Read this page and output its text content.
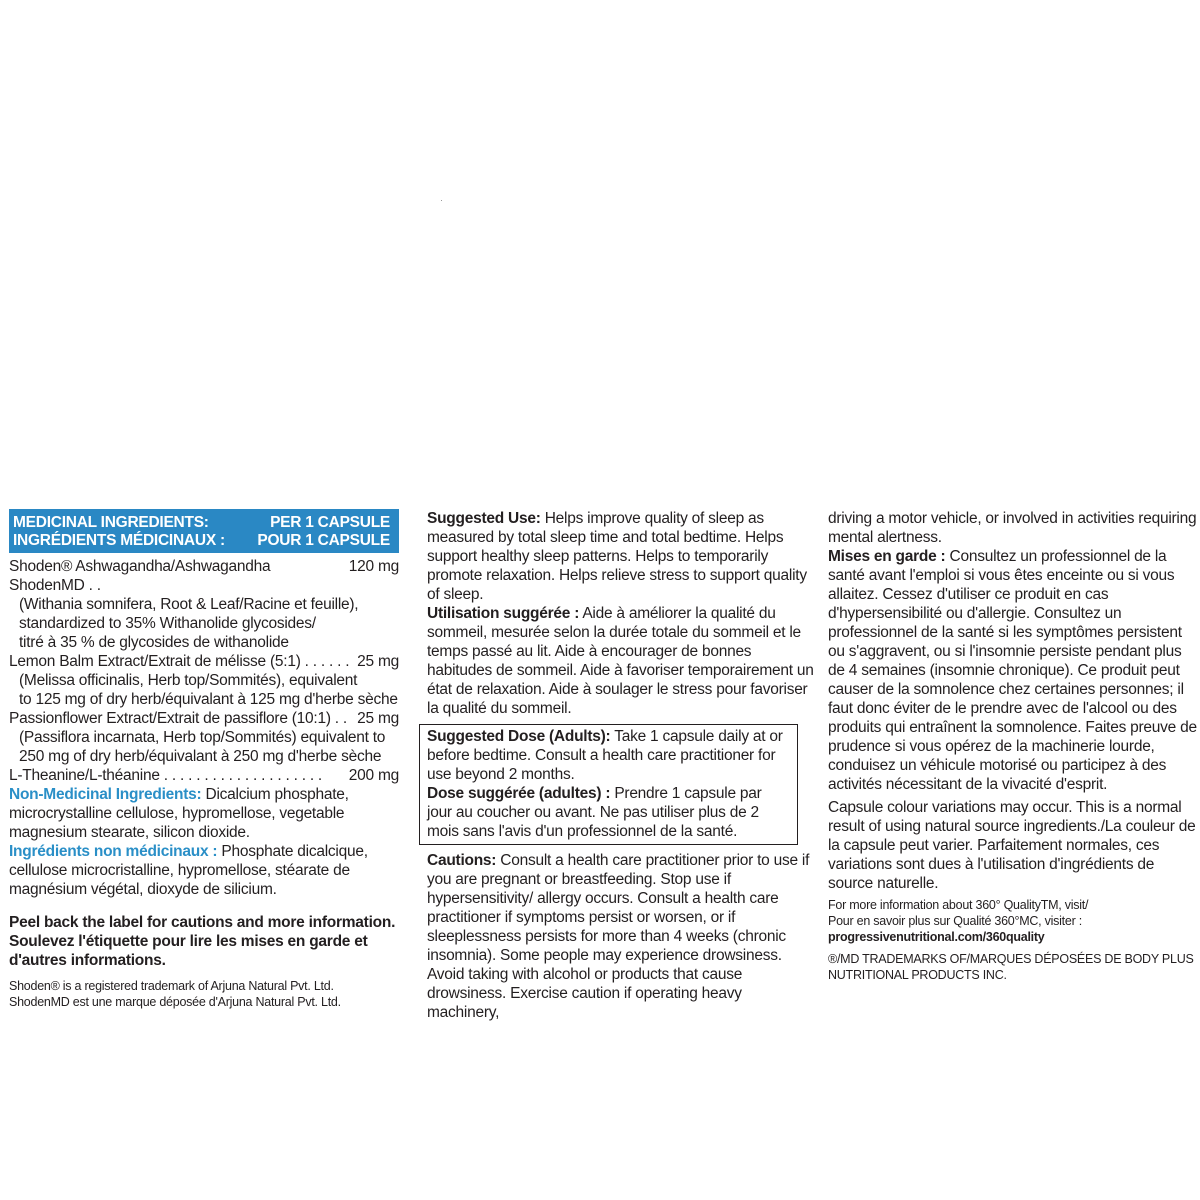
MEDICINAL INGREDIENTS:
INGRÉDIENTS MÉDICINAUX :
PER 1 CAPSULE
POUR 1 CAPSULE
Shoden® Ashwagandha/Ashwagandha ShodenMD . .
120 mg
(Withania somnifera, Root & Leaf/Racine et feuille),
standardized to 35% Withanolide glycosides/
titré à 35 % de glycosides de withanolide
Lemon Balm Extract/Extrait de mélisse (5:1) . . . . . . 25 mg
(Melissa officinalis, Herb top/Sommités), equivalent
to 125 mg of dry herb/équivalant à 125 mg d'herbe sèche
Passionflower Extract/Extrait de passiflore (10:1) . . 25 mg
(Passiflora incarnata, Herb top/Sommités) equivalent to
250 mg of dry herb/équivalant à 250 mg d'herbe sèche
L-Theanine/L-théanine . . . . . . . . . . . . . . . . . . . . 200 mg

Non-Medicinal Ingredients: Dicalcium phosphate, microcrystalline cellulose, hypromellose, vegetable magnesium stearate, silicon dioxide.

Ingrédients non médicinaux : Phosphate dicalcique, cellulose microcristalline, hypromellose, stéarate de magnésium végétal, dioxyde de silicium.

Peel back the label for cautions and more information. Soulevez l'étiquette pour lire les mises en garde et d'autres informations.

Shoden® is a registered trademark of Arjuna Natural Pvt. Ltd.

ShodenMD est une marque déposée d'Arjuna Natural Pvt. Ltd.

Suggested Use: Helps improve quality of sleep as measured by total sleep time and total bedtime. Helps support healthy sleep patterns. Helps to temporarily promote relaxation. Helps relieve stress to support quality of sleep.

Utilisation suggérée : Aide à améliorer la qualité du sommeil, mesurée selon la durée totale du sommeil et le temps passé au lit. Aide à encourager de bonnes habitudes de sommeil. Aide à favoriser temporairement un état de relaxation. Aide à soulager le stress pour favoriser la qualité du sommeil.

Suggested Dose (Adults): Take 1 capsule daily at or before bedtime. Consult a health care practitioner for use beyond 2 months.

Dose suggérée (adultes) : Prendre 1 capsule par jour au coucher ou avant. Ne pas utiliser plus de 2 mois sans l'avis d'un professionnel de la santé.

Cautions: Consult a health care practitioner prior to use if you are pregnant or breastfeeding. Stop use if hypersensitivity/ allergy occurs. Consult a health care practitioner if symptoms persist or worsen, or if sleeplessness persists for more than 4 weeks (chronic insomnia). Some people may experience drowsiness. Avoid taking with alcohol or products that cause drowsiness. Exercise caution if operating heavy machinery,

driving a motor vehicle, or involved in activities requiring mental alertness.

Mises en garde : Consultez un professionnel de la santé avant l'emploi si vous êtes enceinte ou si vous allaitez. Cessez d'utiliser ce produit en cas d'hypersensibilité ou d'allergie. Consultez un professionnel de la santé si les symptômes persistent ou s'aggravent, ou si l'insomnie persiste pendant plus de 4 semaines (insomnie chronique). Ce produit peut causer de la somnolence chez certaines personnes; il faut donc éviter de le prendre avec de l'alcool ou des produits qui entraînent la somnolence. Faites preuve de prudence si vous opérez de la machinerie lourde, conduisez un véhicule motorisé ou participez à des activités nécessitant de la vivacité d'esprit.

Capsule colour variations may occur. This is a normal result of using natural source ingredients./La couleur de la capsule peut varier. Parfaitement normales, ces variations sont dues à l'utilisation d'ingrédients de source naturelle.

For more information about 360° QualityTM, visit/

Pour en savoir plus sur Qualité 360°MC, visiter :

progressivenutritional.com/360quality

®/MD TRADEMARKS OF/MARQUES DÉPOSÉES DE BODY PLUS NUTRITIONAL PRODUCTS INC.
